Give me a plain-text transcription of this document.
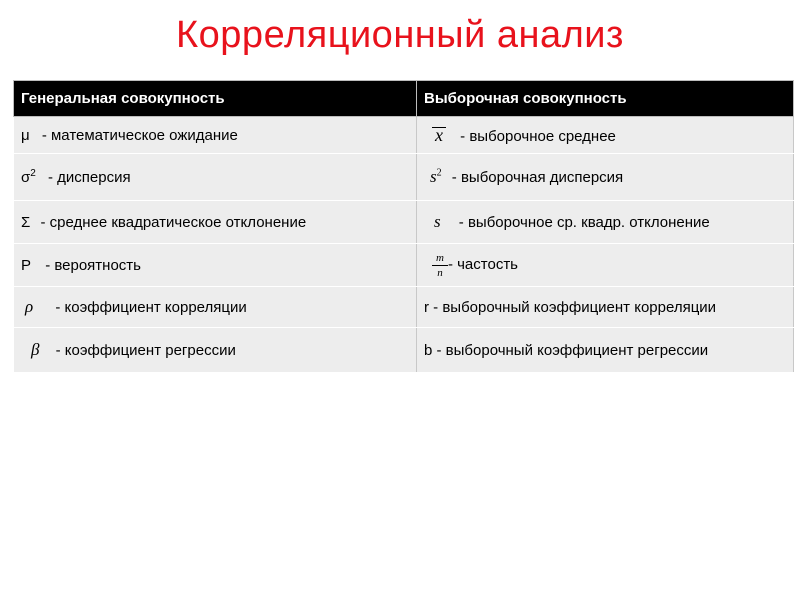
Корреляционный анализ
Генеральная совокупность	Выборочная совокупность
μ - математическое ожидание	x - выборочное среднее
$\sigma^2$ - дисперсия	$s^2$ - выборочная дисперсия
Σ - среднее квадратическое отклонение	s - выборочное ср. квадр. отклонение
Р - вероятность	$\frac{m}{n}$ - частость
ρ - коэффициент корреляции	r - выборочный коэффициент корреляции
β - коэффициент регрессии	b - выборочный коэффициент регрессии
